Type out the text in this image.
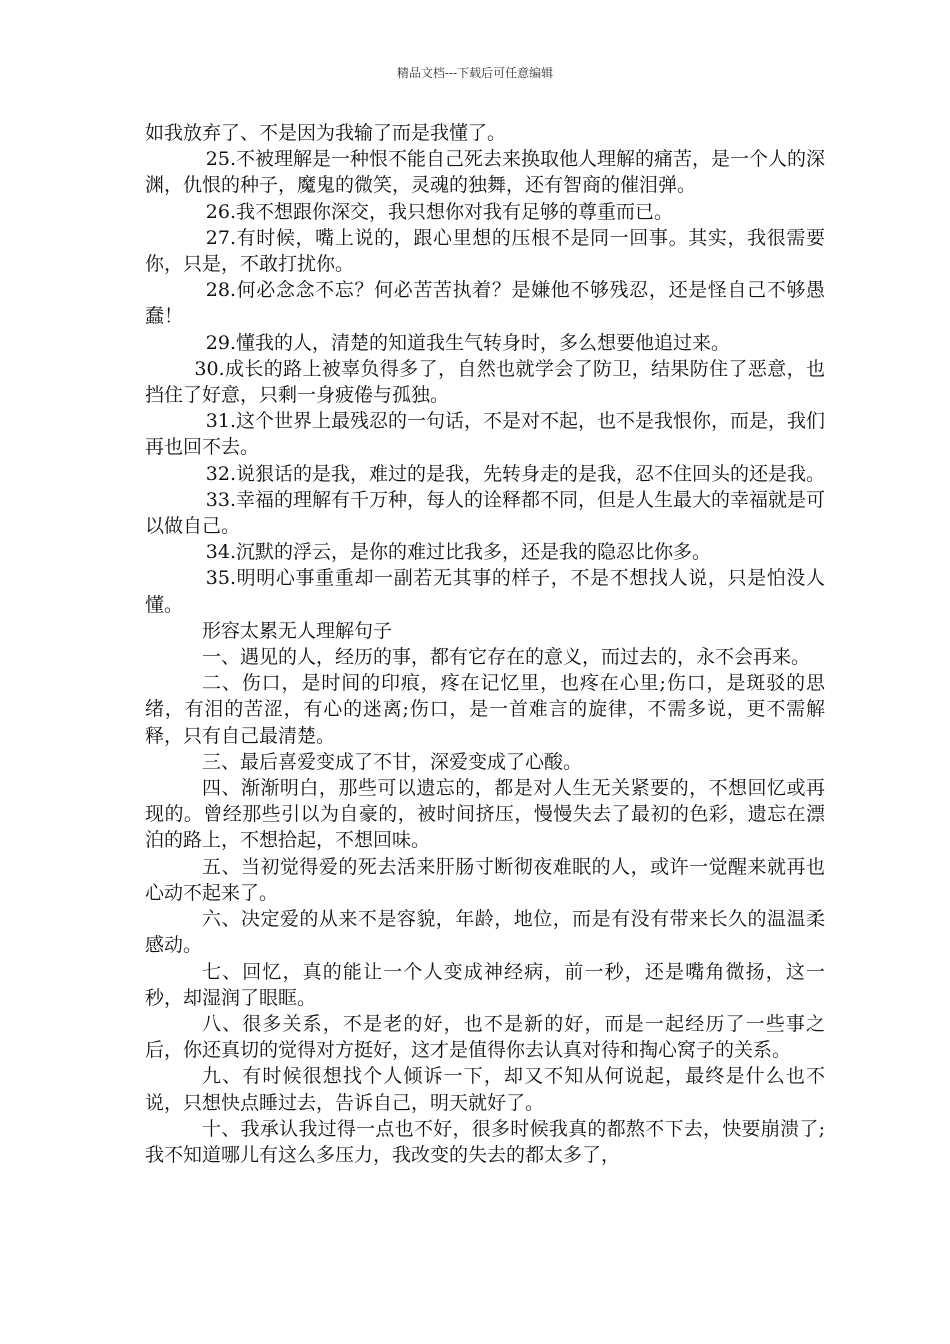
精品文档---下载后可任意编辑

如我放弃了、不是因为我输了而是我懂了。

25.不被理解是一种恨不能自己死去来换取他人理解的痛苦，是一个人的深渊，仇恨的种子，魔鬼的微笑，灵魂的独舞，还有智商的催泪弹。

26.我不想跟你深交，我只想你对我有足够的尊重而已。

27.有时候，嘴上说的，跟心里想的压根不是同一回事。其实，我很需要你，只是，不敢打扰你。

28.何必念念不忘？何必苦苦执着？是嫌他不够残忍，还是怪自己不够愚蠢！

29.懂我的人，清楚的知道我生气转身时，多么想要他追过来。

30.成长的路上被辜负得多了，自然也就学会了防卫，结果防住了恶意，也挡住了好意，只剩一身疲倦与孤独。

31.这个世界上最残忍的一句话，不是对不起，也不是我恨你，而是，我们再也回不去。

32.说狠话的是我，难过的是我，先转身走的是我，忍不住回头的还是我。

33.幸福的理解有千万种，每人的诠释都不同，但是人生最大的幸福就是可以做自己。

34.沉默的浮云，是你的难过比我多，还是我的隐忍比你多。

35.明明心事重重却一副若无其事的样子，不是不想找人说，只是怕没人懂。

形容太累无人理解句子

一、遇见的人，经历的事，都有它存在的意义，而过去的，永不会再来。

二、伤口，是时间的印痕，疼在记忆里，也疼在心里;伤口，是斑驳的思绪，有泪的苦涩，有心的迷离;伤口，是一首难言的旋律，不需多说，更不需解释，只有自己最清楚。

三、最后喜爱变成了不甘，深爱变成了心酸。

四、渐渐明白，那些可以遗忘的，都是对人生无关紧要的，不想回忆或再现的。曾经那些引以为自豪的，被时间挤压，慢慢失去了最初的色彩，遗忘在漂泊的路上，不想拾起，不想回味。

五、当初觉得爱的死去活来肝肠寸断彻夜难眠的人，或许一觉醒来就再也心动不起来了。

六、决定爱的从来不是容貌，年龄，地位，而是有没有带来长久的温温柔感动。

七、回忆，真的能让一个人变成神经病，前一秒，还是嘴角微扬，这一秒，却湿润了眼眶。

八、很多关系，不是老的好，也不是新的好，而是一起经历了一些事之后，你还真切的觉得对方挺好，这才是值得你去认真对待和掏心窝子的关系。

九、有时候很想找个人倾诉一下，却又不知从何说起，最终是什么也不说，只想快点睡过去，告诉自己，明天就好了。

十、我承认我过得一点也不好，很多时候我真的都熬不下去，快要崩溃了;我不知道哪儿有这么多压力，我改变的失去的都太多了，
